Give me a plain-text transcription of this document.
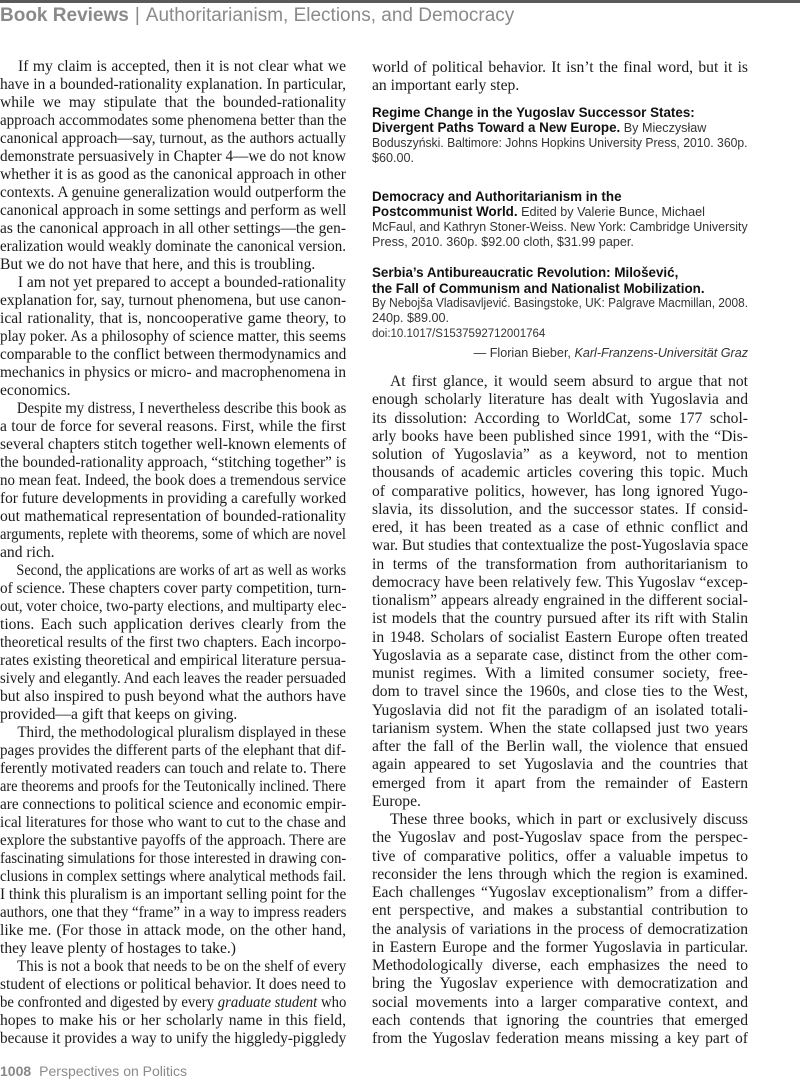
Book Reviews | Authoritarianism, Elections, and Democracy
If my claim is accepted, then it is not clear what we
have in a bounded-rationality explanation. In particular,
while we may stipulate that the bounded-rationality
approach accommodates some phenomena better than the
canonical approach—say, turnout, as the authors actually
demonstrate persuasively in Chapter 4—we do not know
whether it is as good as the canonical approach in other
contexts. A genuine generalization would outperform the
canonical approach in some settings and perform as well
as the canonical approach in all other settings—the gen-
eralization would weakly dominate the canonical version.
But we do not have that here, and this is troubling.
I am not yet prepared to accept a bounded-rationality
explanation for, say, turnout phenomena, but use canon-
ical rationality, that is, noncooperative game theory, to
play poker. As a philosophy of science matter, this seems
comparable to the conflict between thermodynamics and
mechanics in physics or micro- and macrophenomena in
economics.
Despite my distress, I nevertheless describe this book as
a tour de force for several reasons. First, while the first
several chapters stitch together well-known elements of
the bounded-rationality approach, “stitching together” is
no mean feat. Indeed, the book does a tremendous service
for future developments in providing a carefully worked
out mathematical representation of bounded-rationality
arguments, replete with theorems, some of which are novel
and rich.
Second, the applications are works of art as well as works
of science. These chapters cover party competition, turn-
out, voter choice, two-party elections, and multiparty elec-
tions. Each such application derives clearly from the
theoretical results of the first two chapters. Each incorpo-
rates existing theoretical and empirical literature persua-
sively and elegantly. And each leaves the reader persuaded
but also inspired to push beyond what the authors have
provided—a gift that keeps on giving.
Third, the methodological pluralism displayed in these
pages provides the different parts of the elephant that dif-
ferently motivated readers can touch and relate to. There
are theorems and proofs for the Teutonically inclined. There
are connections to political science and economic empir-
ical literatures for those who want to cut to the chase and
explore the substantive payoffs of the approach. There are
fascinating simulations for those interested in drawing con-
clusions in complex settings where analytical methods fail.
I think this pluralism is an important selling point for the
authors, one that they “frame” in a way to impress readers
like me. (For those in attack mode, on the other hand,
they leave plenty of hostages to take.)
This is not a book that needs to be on the shelf of every
student of elections or political behavior. It does need to
be confronted and digested by every graduate student who
hopes to make his or her scholarly name in this field,
because it provides a way to unify the higgledy-piggledy
world of political behavior. It isn’t the final word, but it is
an important early step.
Regime Change in the Yugoslav Successor States:
Divergent Paths Toward a New Europe. By Mieczysław
Boduszyński. Baltimore: Johns Hopkins University Press, 2010. 360p.
$60.00.
Democracy and Authoritarianism in the
Postcommunist World. Edited by Valerie Bunce, Michael
McFaul, and Kathryn Stoner-Weiss. New York: Cambridge University
Press, 2010. 360p. $92.00 cloth, $31.99 paper.
Serbia’s Antibureaucratic Revolution: Milošević,
the Fall of Communism and Nationalist Mobilization.
By Nebojša Vladisavljević. Basingstoke, UK: Palgrave Macmillan, 2008.
240p. $89.00.
doi:10.1017/S1537592712001764
— Florian Bieber, Karl-Franzens-Universität Graz
At first glance, it would seem absurd to argue that not
enough scholarly literature has dealt with Yugoslavia and
its dissolution: According to WorldCat, some 177 schol-
arly books have been published since 1991, with the “Dis-
solution of Yugoslavia” as a keyword, not to mention
thousands of academic articles covering this topic. Much
of comparative politics, however, has long ignored Yugo-
slavia, its dissolution, and the successor states. If consid-
ered, it has been treated as a case of ethnic conflict and
war. But studies that contextualize the post-Yugoslavia space
in terms of the transformation from authoritarianism to
democracy have been relatively few. This Yugoslav “excep-
tionalism” appears already engrained in the different social-
ist models that the country pursued after its rift with Stalin
in 1948. Scholars of socialist Eastern Europe often treated
Yugoslavia as a separate case, distinct from the other com-
munist regimes. With a limited consumer society, free-
dom to travel since the 1960s, and close ties to the West,
Yugoslavia did not fit the paradigm of an isolated totali-
tarianism system. When the state collapsed just two years
after the fall of the Berlin wall, the violence that ensued
again appeared to set Yugoslavia and the countries that
emerged from it apart from the remainder of Eastern
Europe.
These three books, which in part or exclusively discuss
the Yugoslav and post-Yugoslav space from the perspec-
tive of comparative politics, offer a valuable impetus to
reconsider the lens through which the region is examined.
Each challenges “Yugoslav exceptionalism” from a differ-
ent perspective, and makes a substantial contribution to
the analysis of variations in the process of democratization
in Eastern Europe and the former Yugoslavia in particular.
Methodologically diverse, each emphasizes the need to
bring the Yugoslav experience with democratization and
social movements into a larger comparative context, and
each contends that ignoring the countries that emerged
from the Yugoslav federation means missing a key part of
1008 Perspectives on Politics
